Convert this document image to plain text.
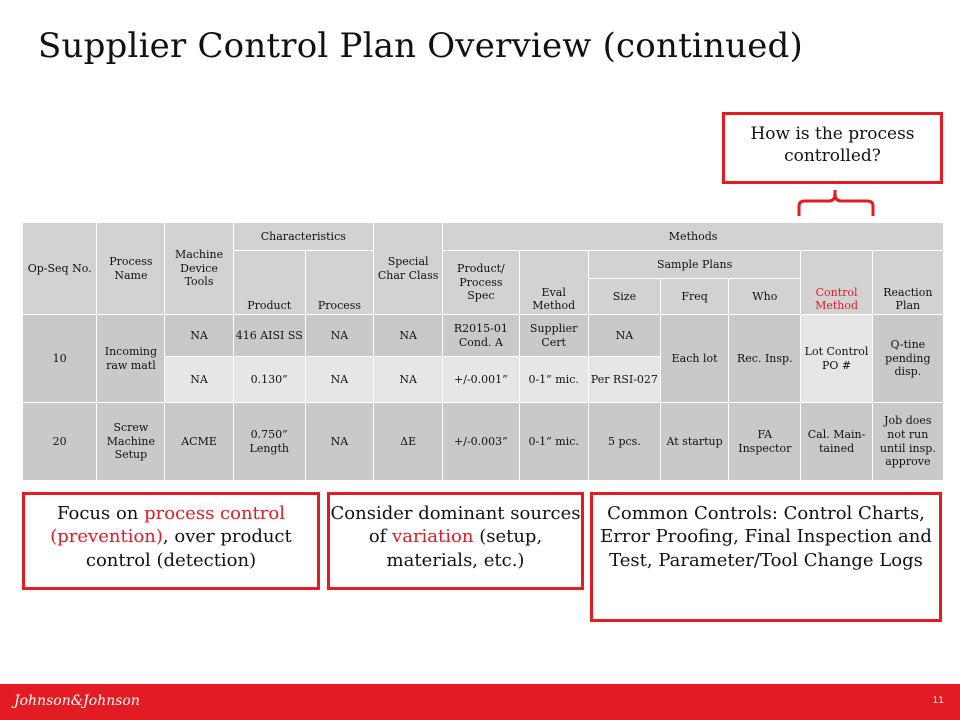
Supplier Control Plan Overview (continued)
How is the process
controlled?
Op-Seq No.	Process Name	Machine Device Tools	Characteristics		Special Char Class	Methods						
			Product	Process		Product/ Process Spec	Eval Method	Sample Plans			Control Method	Reaction Plan
								Size	Freq	Who		
10	Incoming raw matl	NA	416 AISI SS	NA	NA	R2015-01 Cond. A	Supplier Cert	NA	Each lot	Rec. Insp.	Lot Control PO #	Q-tine pending disp.
		NA	0.130”	NA	NA	+/-0.001”	0-1” mic.	Per RSI-027				
20	Screw Machine Setup	ACME	0.750” Length	NA	ΔE	+/-0.003”	0-1” mic.	5 pcs.	At startup	FA Inspector	Cal. Main-tained	Job does not run until insp. approve
Focus on process control
(prevention), over product control (detection)
Consider dominant sources of variation (setup, materials, etc.)
Common Controls: Control Charts, Error Proofing, Final Inspection and Test, Parameter/Tool Change Logs
Johnson&Johnson	11
